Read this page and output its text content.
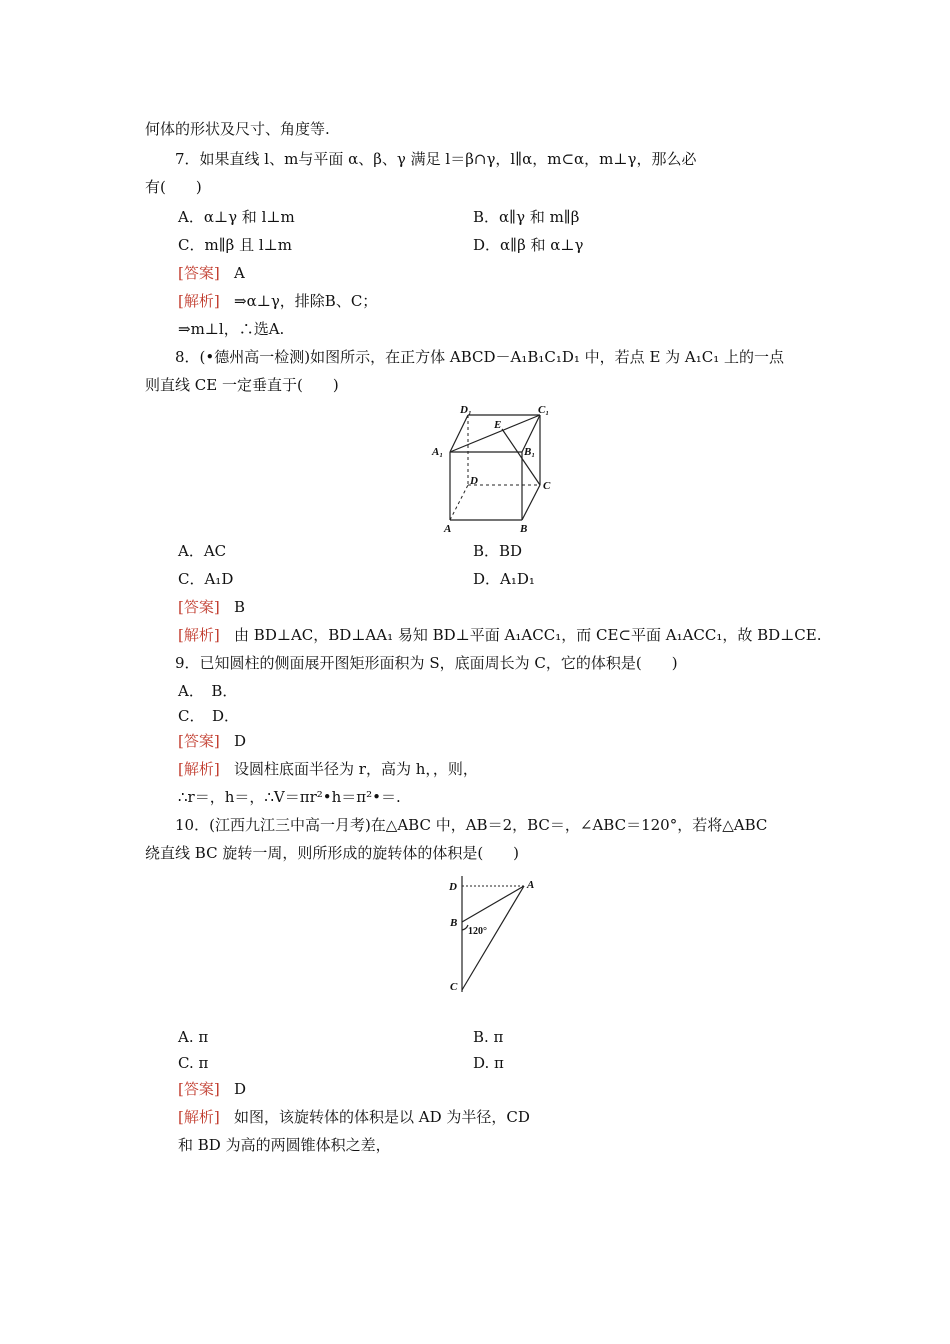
何体的形状及尺寸、角度等.
7．如果直线 l、m与平面 α、β、γ 满足 l＝β∩γ，l∥α，m⊂α，m⊥γ，那么必
有(　　)
A．α⊥γ 和 l⊥m	B．α∥γ 和 m∥β
C．m∥β 且 l⊥m	D．α∥β 和 α⊥γ
[答案] A
[解析] ⇒α⊥γ，排除B、C；
⇒m⊥l，∴选A.
8．(•德州高一检测)如图所示，在正方体 ABCD－A₁B₁C₁D₁ 中，若点 E 为 A₁C₁ 上的一点
则直线 CE 一定垂直于(　　)
D₁	C₁
E
A₁	B₁
D	C
A	B
A．AC	B．BD
C．A₁D	D．A₁D₁
[答案] B
[解析] 由 BD⊥AC，BD⊥AA₁ 易知 BD⊥平面 A₁ACC₁，而 CE⊂平面 A₁ACC₁，故 BD⊥CE.
9．已知圆柱的侧面展开图矩形面积为 S，底面周长为 C，它的体积是(　　)
A．　B．
C．　D．
[答案] D
[解析] 设圆柱底面半径为 r，高为 h，，则，
∴r＝，h＝，∴V＝πr²•h＝π²•＝.
10．(江西九江三中高一月考)在△ABC 中，AB＝2，BC＝，∠ABC＝120°，若将△ABC
绕直线 BC 旋转一周，则所形成的旋转体的体积是(　　)
D	A
B
C
120°
A. π	B. π
C. π	D. π
[答案] D
[解析] 如图，该旋转体的体积是以 AD 为半径，CD
和 BD 为高的两圆锥体积之差，
